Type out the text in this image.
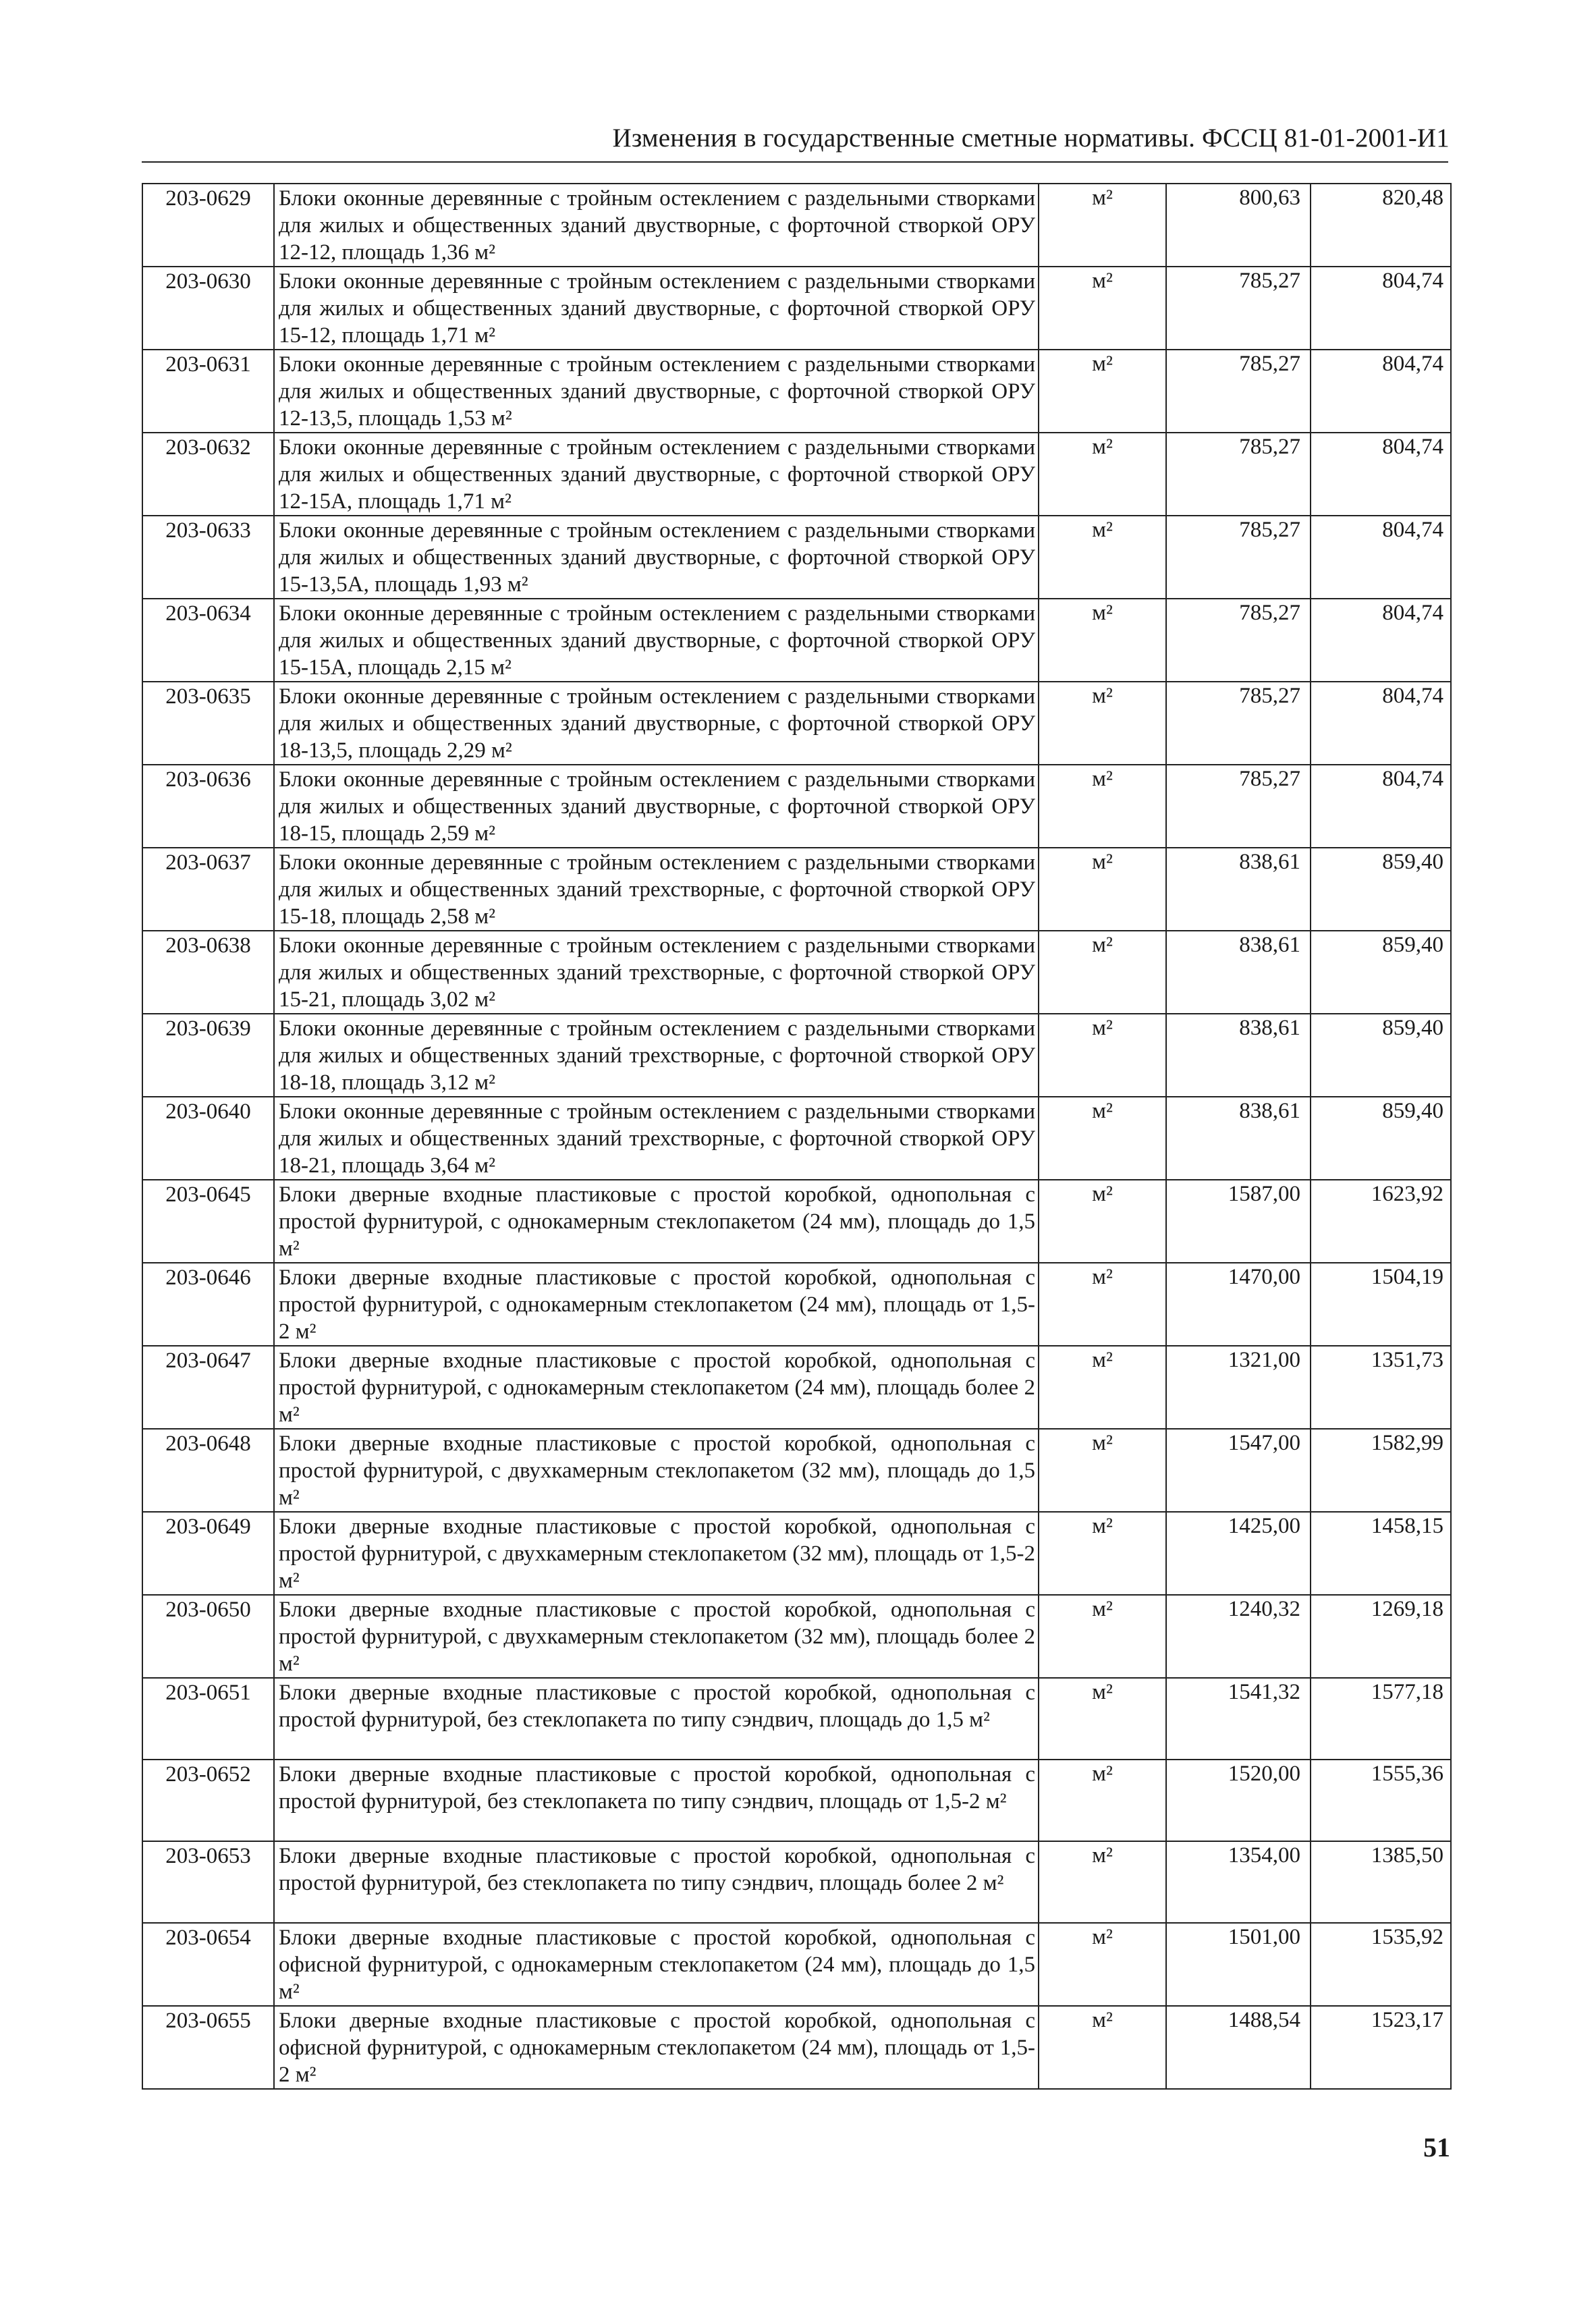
Изменения в государственные сметные нормативы. ФССЦ 81-01-2001-И1
203-0629	Блоки оконные деревянные с тройным остеклением с раздельными створками для жилых и общественных зданий двустворные, с форточной створкой ОРУ 12-12, площадь 1,36 м²	м²	800,63	820,48
203-0630	Блоки оконные деревянные с тройным остеклением с раздельными створками для жилых и общественных зданий двустворные, с форточной створкой ОРУ 15-12, площадь 1,71 м²	м²	785,27	804,74
203-0631	Блоки оконные деревянные с тройным остеклением с раздельными створками для жилых и общественных зданий двустворные, с форточной створкой ОРУ 12-13,5, площадь 1,53 м²	м²	785,27	804,74
203-0632	Блоки оконные деревянные с тройным остеклением с раздельными створками для жилых и общественных зданий двустворные, с форточной створкой ОРУ 12-15А, площадь 1,71 м²	м²	785,27	804,74
203-0633	Блоки оконные деревянные с тройным остеклением с раздельными створками для жилых и общественных зданий двустворные, с форточной створкой ОРУ 15-13,5А, площадь 1,93 м²	м²	785,27	804,74
203-0634	Блоки оконные деревянные с тройным остеклением с раздельными створками для жилых и общественных зданий двустворные, с форточной створкой ОРУ 15-15А, площадь 2,15 м²	м²	785,27	804,74
203-0635	Блоки оконные деревянные с тройным остеклением с раздельными створками для жилых и общественных зданий двустворные, с форточной створкой ОРУ 18-13,5, площадь 2,29 м²	м²	785,27	804,74
203-0636	Блоки оконные деревянные с тройным остеклением с раздельными створками для жилых и общественных зданий двустворные, с форточной створкой ОРУ 18-15, площадь 2,59 м²	м²	785,27	804,74
203-0637	Блоки оконные деревянные с тройным остеклением с раздельными створками для жилых и общественных зданий трехстворные, с форточной створкой ОРУ 15-18, площадь 2,58 м²	м²	838,61	859,40
203-0638	Блоки оконные деревянные с тройным остеклением с раздельными створками для жилых и общественных зданий трехстворные, с форточной створкой ОРУ 15-21, площадь 3,02 м²	м²	838,61	859,40
203-0639	Блоки оконные деревянные с тройным остеклением с раздельными створками для жилых и общественных зданий трехстворные, с форточной створкой ОРУ 18-18, площадь 3,12 м²	м²	838,61	859,40
203-0640	Блоки оконные деревянные с тройным остеклением с раздельными створками для жилых и общественных зданий трехстворные, с форточной створкой ОРУ 18-21, площадь 3,64 м²	м²	838,61	859,40
203-0645	Блоки дверные входные пластиковые с простой коробкой, однопольная с простой фурнитурой, с однокамерным стеклопакетом (24 мм), площадь до 1,5 м²	м²	1587,00	1623,92
203-0646	Блоки дверные входные пластиковые с простой коробкой, однопольная с простой фурнитурой, с однокамерным стеклопакетом (24 мм), площадь от 1,5-2 м²	м²	1470,00	1504,19
203-0647	Блоки дверные входные пластиковые с простой коробкой, однопольная с простой фурнитурой, с однокамерным стеклопакетом (24 мм), площадь более 2 м²	м²	1321,00	1351,73
203-0648	Блоки дверные входные пластиковые с простой коробкой, однопольная с простой фурнитурой, с двухкамерным стеклопакетом (32 мм), площадь до 1,5 м²	м²	1547,00	1582,99
203-0649	Блоки дверные входные пластиковые с простой коробкой, однопольная с простой фурнитурой, с двухкамерным стеклопакетом (32 мм), площадь от 1,5-2 м²	м²	1425,00	1458,15
203-0650	Блоки дверные входные пластиковые с простой коробкой, однопольная с простой фурнитурой, с двухкамерным стеклопакетом (32 мм), площадь более 2 м²	м²	1240,32	1269,18
203-0651	Блоки дверные входные пластиковые с простой коробкой, однопольная с простой фурнитурой, без стеклопакета по типу сэндвич, площадь до 1,5 м²	м²	1541,32	1577,18
203-0652	Блоки дверные входные пластиковые с простой коробкой, однопольная с простой фурнитурой, без стеклопакета по типу сэндвич, площадь от 1,5-2 м²	м²	1520,00	1555,36
203-0653	Блоки дверные входные пластиковые с простой коробкой, однопольная с простой фурнитурой, без стеклопакета по типу сэндвич, площадь более 2 м²	м²	1354,00	1385,50
203-0654	Блоки дверные входные пластиковые с простой коробкой, однопольная с офисной фурнитурой, с однокамерным стеклопакетом (24 мм), площадь до 1,5 м²	м²	1501,00	1535,92
203-0655	Блоки дверные входные пластиковые с простой коробкой, однопольная с офисной фурнитурой, с однокамерным стеклопакетом (24 мм), площадь от 1,5-2 м²	м²	1488,54	1523,17
51
